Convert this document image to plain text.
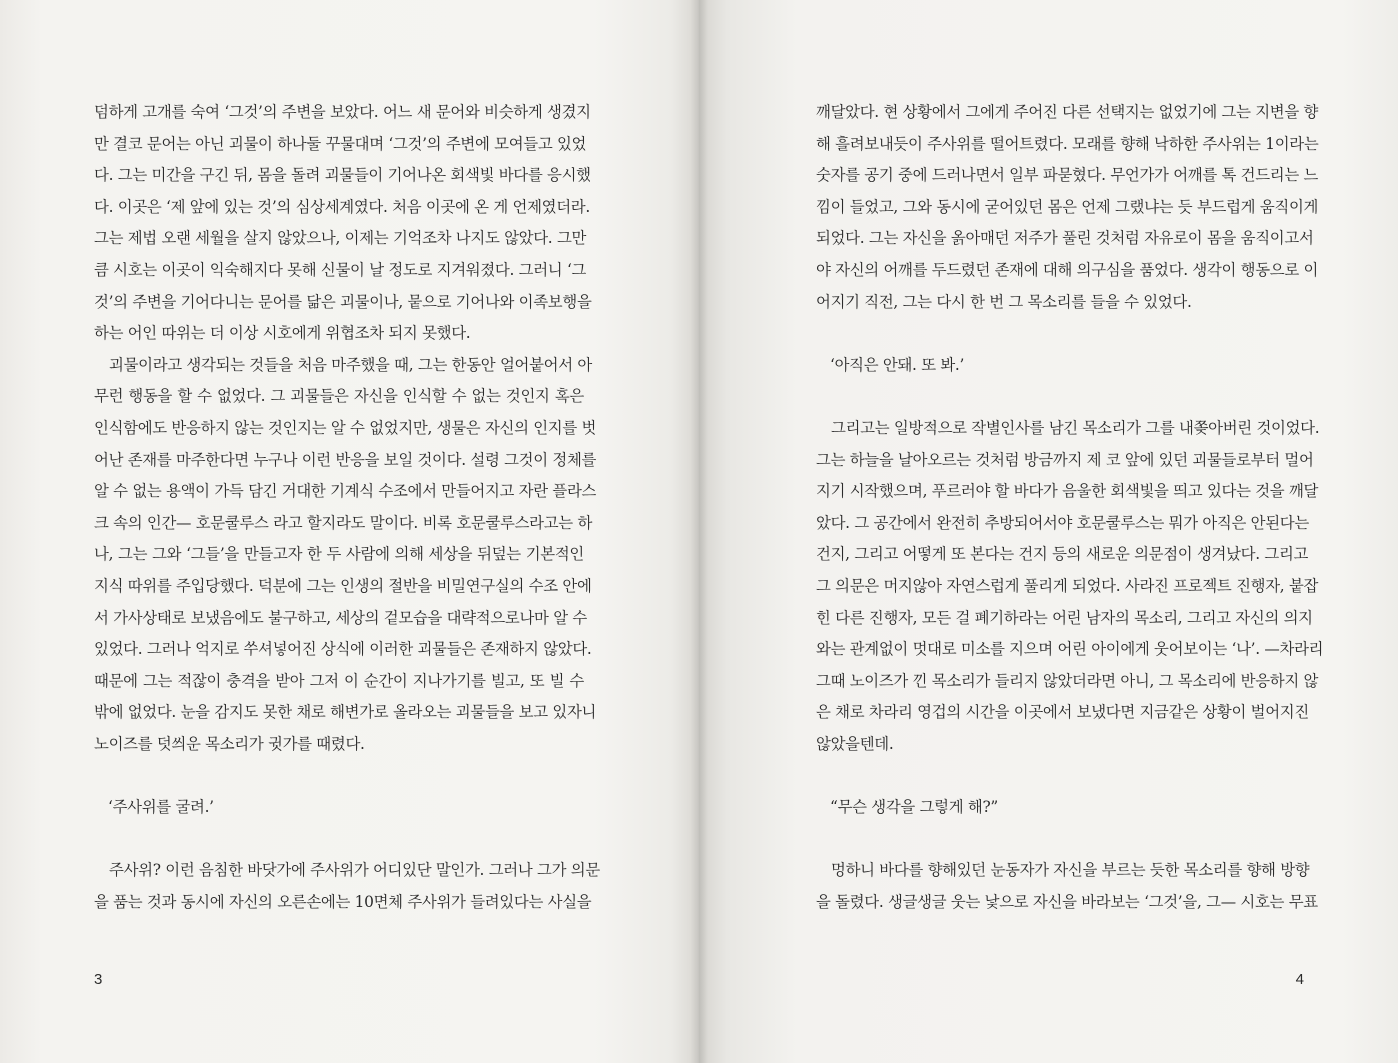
덤하게 고개를 숙여 ‘그것’의 주변을 보았다. 어느 새 문어와 비슷하게 생겼지
만 결코 문어는 아닌 괴물이 하나둘 꾸물대며 ‘그것’의 주변에 모여들고 있었
다. 그는 미간을 구긴 뒤, 몸을 돌려 괴물들이 기어나온 회색빛 바다를 응시했
다. 이곳은 ‘제 앞에 있는 것’의 심상세계였다. 처음 이곳에 온 게 언제였더라.
그는 제법 오랜 세월을 살지 않았으나, 이제는 기억조차 나지도 않았다. 그만
큼 시호는 이곳이 익숙해지다 못해 신물이 날 정도로 지겨워졌다. 그러니 ‘그
것’의 주변을 기어다니는 문어를 닮은 괴물이나, 뭍으로 기어나와 이족보행을
하는 어인 따위는 더 이상 시호에게 위협조차 되지 못했다.
괴물이라고 생각되는 것들을 처음 마주했을 때, 그는 한동안 얼어붙어서 아
무런 행동을 할 수 없었다. 그 괴물들은 자신을 인식할 수 없는 것인지 혹은
인식함에도 반응하지 않는 것인지는 알 수 없었지만, 생물은 자신의 인지를 벗
어난 존재를 마주한다면 누구나 이런 반응을 보일 것이다. 설령 그것이 정체를
알 수 없는 용액이 가득 담긴 거대한 기계식 수조에서 만들어지고 자란 플라스
크 속의 인간— 호문쿨루스 라고 할지라도 말이다. 비록 호문쿨루스라고는 하
나, 그는 그와 ‘그들’을 만들고자 한 두 사람에 의해 세상을 뒤덮는 기본적인
지식 따위를 주입당했다. 덕분에 그는 인생의 절반을 비밀연구실의 수조 안에
서 가사상태로 보냈음에도 불구하고, 세상의 겉모습을 대략적으로나마 알 수
있었다. 그러나 억지로 쑤셔넣어진 상식에 이러한 괴물들은 존재하지 않았다.
때문에 그는 적잖이 충격을 받아 그저 이 순간이 지나가기를 빌고, 또 빌 수
밖에 없었다. 눈을 감지도 못한 채로 해변가로 올라오는 괴물들을 보고 있자니
노이즈를 덧씌운 목소리가 귓가를 때렸다.
‘주사위를 굴려.’
주사위? 이런 음침한 바닷가에 주사위가 어디있단 말인가. 그러나 그가 의문
을 품는 것과 동시에 자신의 오른손에는 10면체 주사위가 들려있다는 사실을
3
깨달았다. 현 상황에서 그에게 주어진 다른 선택지는 없었기에 그는 지변을 향
해 흘려보내듯이 주사위를 떨어트렸다. 모래를 향해 낙하한 주사위는 1이라는
숫자를 공기 중에 드러나면서 일부 파묻혔다. 무언가가 어깨를 톡 건드리는 느
낌이 들었고, 그와 동시에 굳어있던 몸은 언제 그랬냐는 듯 부드럽게 움직이게
되었다. 그는 자신을 옭아매던 저주가 풀린 것처럼 자유로이 몸을 움직이고서
야 자신의 어깨를 두드렸던 존재에 대해 의구심을 품었다. 생각이 행동으로 이
어지기 직전, 그는 다시 한 번 그 목소리를 들을 수 있었다.
‘아직은 안돼. 또 봐.’
그리고는 일방적으로 작별인사를 남긴 목소리가 그를 내쫒아버린 것이었다.
그는 하늘을 날아오르는 것처럼 방금까지 제 코 앞에 있던 괴물들로부터 멀어
지기 시작했으며, 푸르러야 할 바다가 음울한 회색빛을 띄고 있다는 것을 깨달
았다. 그 공간에서 완전히 추방되어서야 호문쿨루스는 뭐가 아직은 안된다는
건지, 그리고 어떻게 또 본다는 건지 등의 새로운 의문점이 생겨났다. 그리고
그 의문은 머지않아 자연스럽게 풀리게 되었다. 사라진 프로젝트 진행자, 붙잡
힌 다른 진행자, 모든 걸 폐기하라는 어린 남자의 목소리, 그리고 자신의 의지
와는 관계없이 멋대로 미소를 지으며 어린 아이에게 웃어보이는 ‘나’. —차라리
그때 노이즈가 낀 목소리가 들리지 않았더라면 아니, 그 목소리에 반응하지 않
은 채로 차라리 영겁의 시간을 이곳에서 보냈다면 지금같은 상황이 벌어지진
않았을텐데.
“무슨 생각을 그렇게 해?”
멍하니 바다를 향해있던 눈동자가 자신을 부르는 듯한 목소리를 향해 방향
을 돌렸다. 생글생글 웃는 낯으로 자신을 바라보는 ‘그것’을, 그— 시호는 무표
4
